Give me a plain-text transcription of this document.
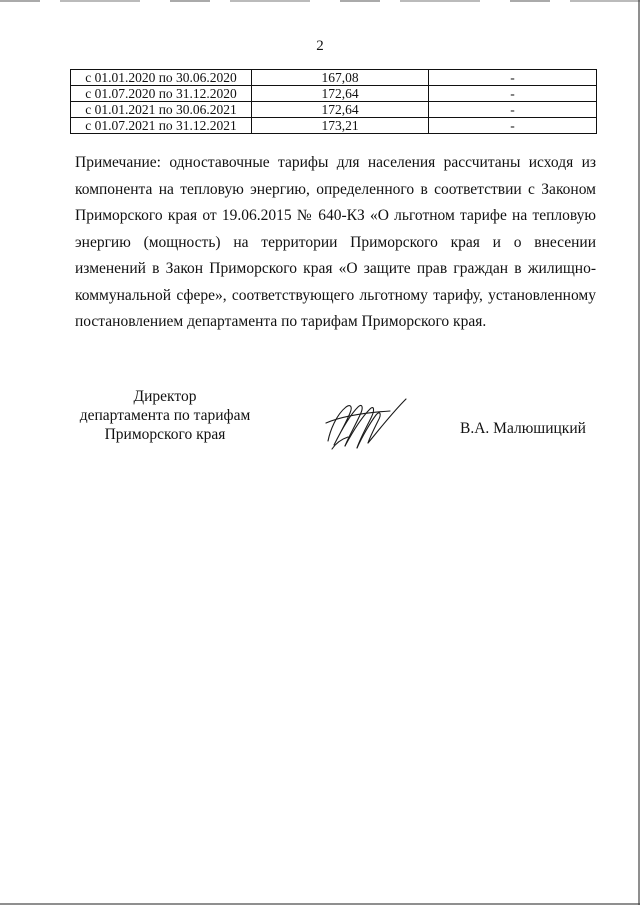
2
с 01.01.2020 по 30.06.2020	167,08	-
с 01.07.2020 по 31.12.2020	172,64	-
с 01.01.2021 по 30.06.2021	172,64	-
с 01.07.2021 по 31.12.2021	173,21	-
Примечание: одноставочные тарифы для населения рассчитаны исходя из компонента на тепловую энергию, определенного в соответствии с Законом Приморского края от 19.06.2015 № 640-КЗ «О льготном тарифе на тепловую энергию (мощность) на территории Приморского края и о внесении изменений в Закон Приморского края «О защите прав граждан в жилищно-коммунальной сфере», соответствующего льготному тарифу, установленному постановлением департамента по тарифам Приморского края.
Директор
департамента по тарифам
Приморского края	В.А. Малюшицкий
